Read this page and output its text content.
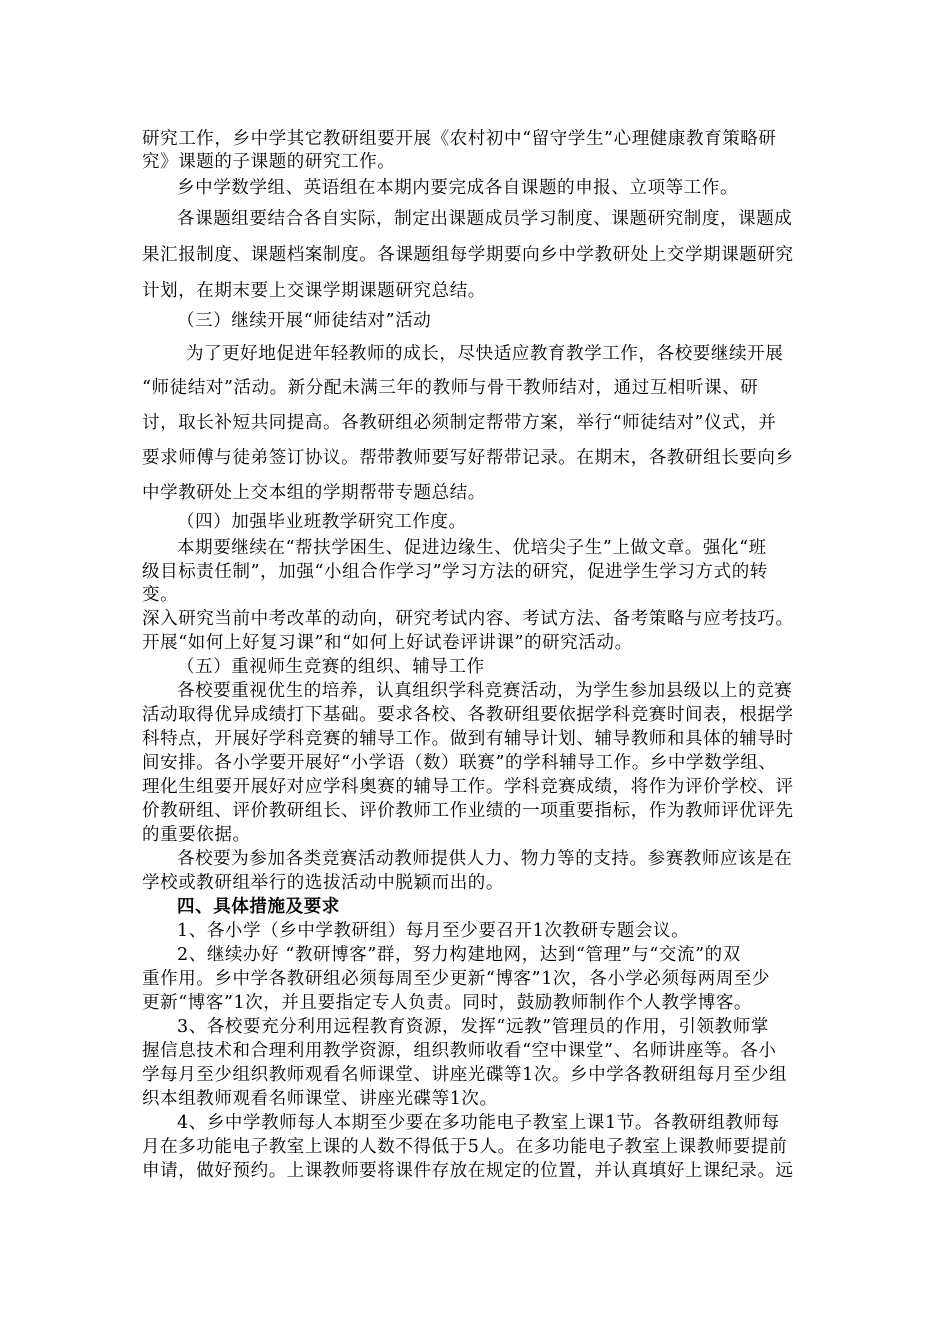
研究工作，乡中学其它教研组要开展《农村初中“留守学生”心理健康教育策略研

究》课题的子课题的研究工作。

乡中学数学组、英语组在本期内要完成各自课题的申报、立项等工作。

各课题组要结合各自实际，制定出课题成员学习制度、课题研究制度，课题成

果汇报制度、课题档案制度。各课题组每学期要向乡中学教研处上交学期课题研究

计划，在期末要上交课学期课题研究总结。

（三）继续开展“师徒结对”活动

为了更好地促进年轻教师的成长，尽快适应教育教学工作，各校要继续开展

“师徒结对”活动。新分配未满三年的教师与骨干教师结对，通过互相听课、研

讨，取长补短共同提高。各教研组必须制定帮带方案，举行“师徒结对”仪式，并

要求师傅与徒弟签订协议。帮带教师要写好帮带记录。在期末，各教研组长要向乡

中学教研处上交本组的学期帮带专题总结。

（四）加强毕业班教学研究工作度。

本期要继续在“帮扶学困生、促进边缘生、优培尖子生”上做文章。强化“班

级目标责任制”，加强“小组合作学习”学习方法的研究，促进学生学习方式的转

变。

深入研究当前中考改革的动向，研究考试内容、考试方法、备考策略与应考技巧。

开展“如何上好复习课”和“如何上好试卷评讲课”的研究活动。

（五）重视师生竞赛的组织、辅导工作

各校要重视优生的培养，认真组织学科竞赛活动，为学生参加县级以上的竞赛

活动取得优异成绩打下基础。要求各校、各教研组要依据学科竞赛时间表，根据学

科特点，开展好学科竞赛的辅导工作。做到有辅导计划、辅导教师和具体的辅导时

间安排。各小学要开展好“小学语（数）联赛”的学科辅导工作。乡中学数学组、

理化生组要开展好对应学科奥赛的辅导工作。学科竞赛成绩，将作为评价学校、评

价教研组、评价教研组长、评价教师工作业绩的一项重要指标，作为教师评优评先

的重要依据。

各校要为参加各类竞赛活动教师提供人力、物力等的支持。参赛教师应该是在

学校或教研组举行的选拔活动中脱颖而出的。

四、具体措施及要求

1、各小学（乡中学教研组）每月至少要召开1次教研专题会议。

2、继续办好 “教研博客”群，努力构建地网，达到“管理”与“交流”的双

重作用。乡中学各教研组必须每周至少更新“博客”1次，各小学必须每两周至少

更新“博客”1次，并且要指定专人负责。同时，鼓励教师制作个人教学博客。

3、各校要充分利用远程教育资源，发挥“远教”管理员的作用，引领教师掌

握信息技术和合理利用教学资源，组织教师收看“空中课堂”、名师讲座等。各小

学每月至少组织教师观看名师课堂、讲座光碟等1次。乡中学各教研组每月至少组

织本组教师观看名师课堂、讲座光碟等1次。

4、乡中学教师每人本期至少要在多功能电子教室上课1节。各教研组教师每

月在多功能电子教室上课的人数不得低于5人。在多功能电子教室上课教师要提前

申请，做好预约。上课教师要将课件存放在规定的位置，并认真填好上课纪录。远
